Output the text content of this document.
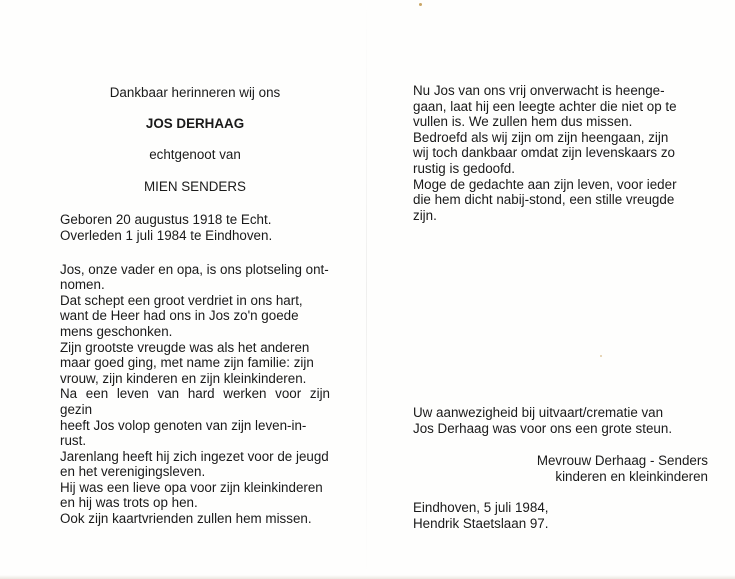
Dankbaar herinneren wij ons

JOS DERHAAG

echtgenoot van

MIEN SENDERS

Geboren 20 augustus 1918 te Echt.

Overleden 1 juli 1984 te Eindhoven.

Jos, onze vader en opa, is ons plotseling ont-

nomen.

Dat schept een groot verdriet in ons hart,

want de Heer had ons in Jos zo'n goede

mens geschonken.

Zijn grootste vreugde was als het anderen

maar goed ging, met name zijn familie: zijn

vrouw, zijn kinderen en zijn kleinkinderen.

Na een leven van hard werken voor zijn gezin

heeft Jos volop genoten van zijn leven-in-

rust.

Jarenlang heeft hij zich ingezet voor de jeugd

en het verenigingsleven.

Hij was een lieve opa voor zijn kleinkinderen

en hij was trots op hen.

Ook zijn kaartvrienden zullen hem missen.

Nu Jos van ons vrij onverwacht is heenge-

gaan, laat hij een leegte achter die niet op te

vullen is. We zullen hem dus missen.

Bedroefd als wij zijn om zijn heengaan, zijn

wij toch dankbaar omdat zijn levenskaars zo

rustig is gedoofd.

Moge de gedachte aan zijn leven, voor ieder

die hem dicht nabij-stond, een stille vreugde

zijn.

Uw aanwezigheid bij uitvaart/crematie van

Jos Derhaag was voor ons een grote steun.

Mevrouw Derhaag - Senders

kinderen en kleinkinderen

Eindhoven, 5 juli 1984,

Hendrik Staetslaan 97.
